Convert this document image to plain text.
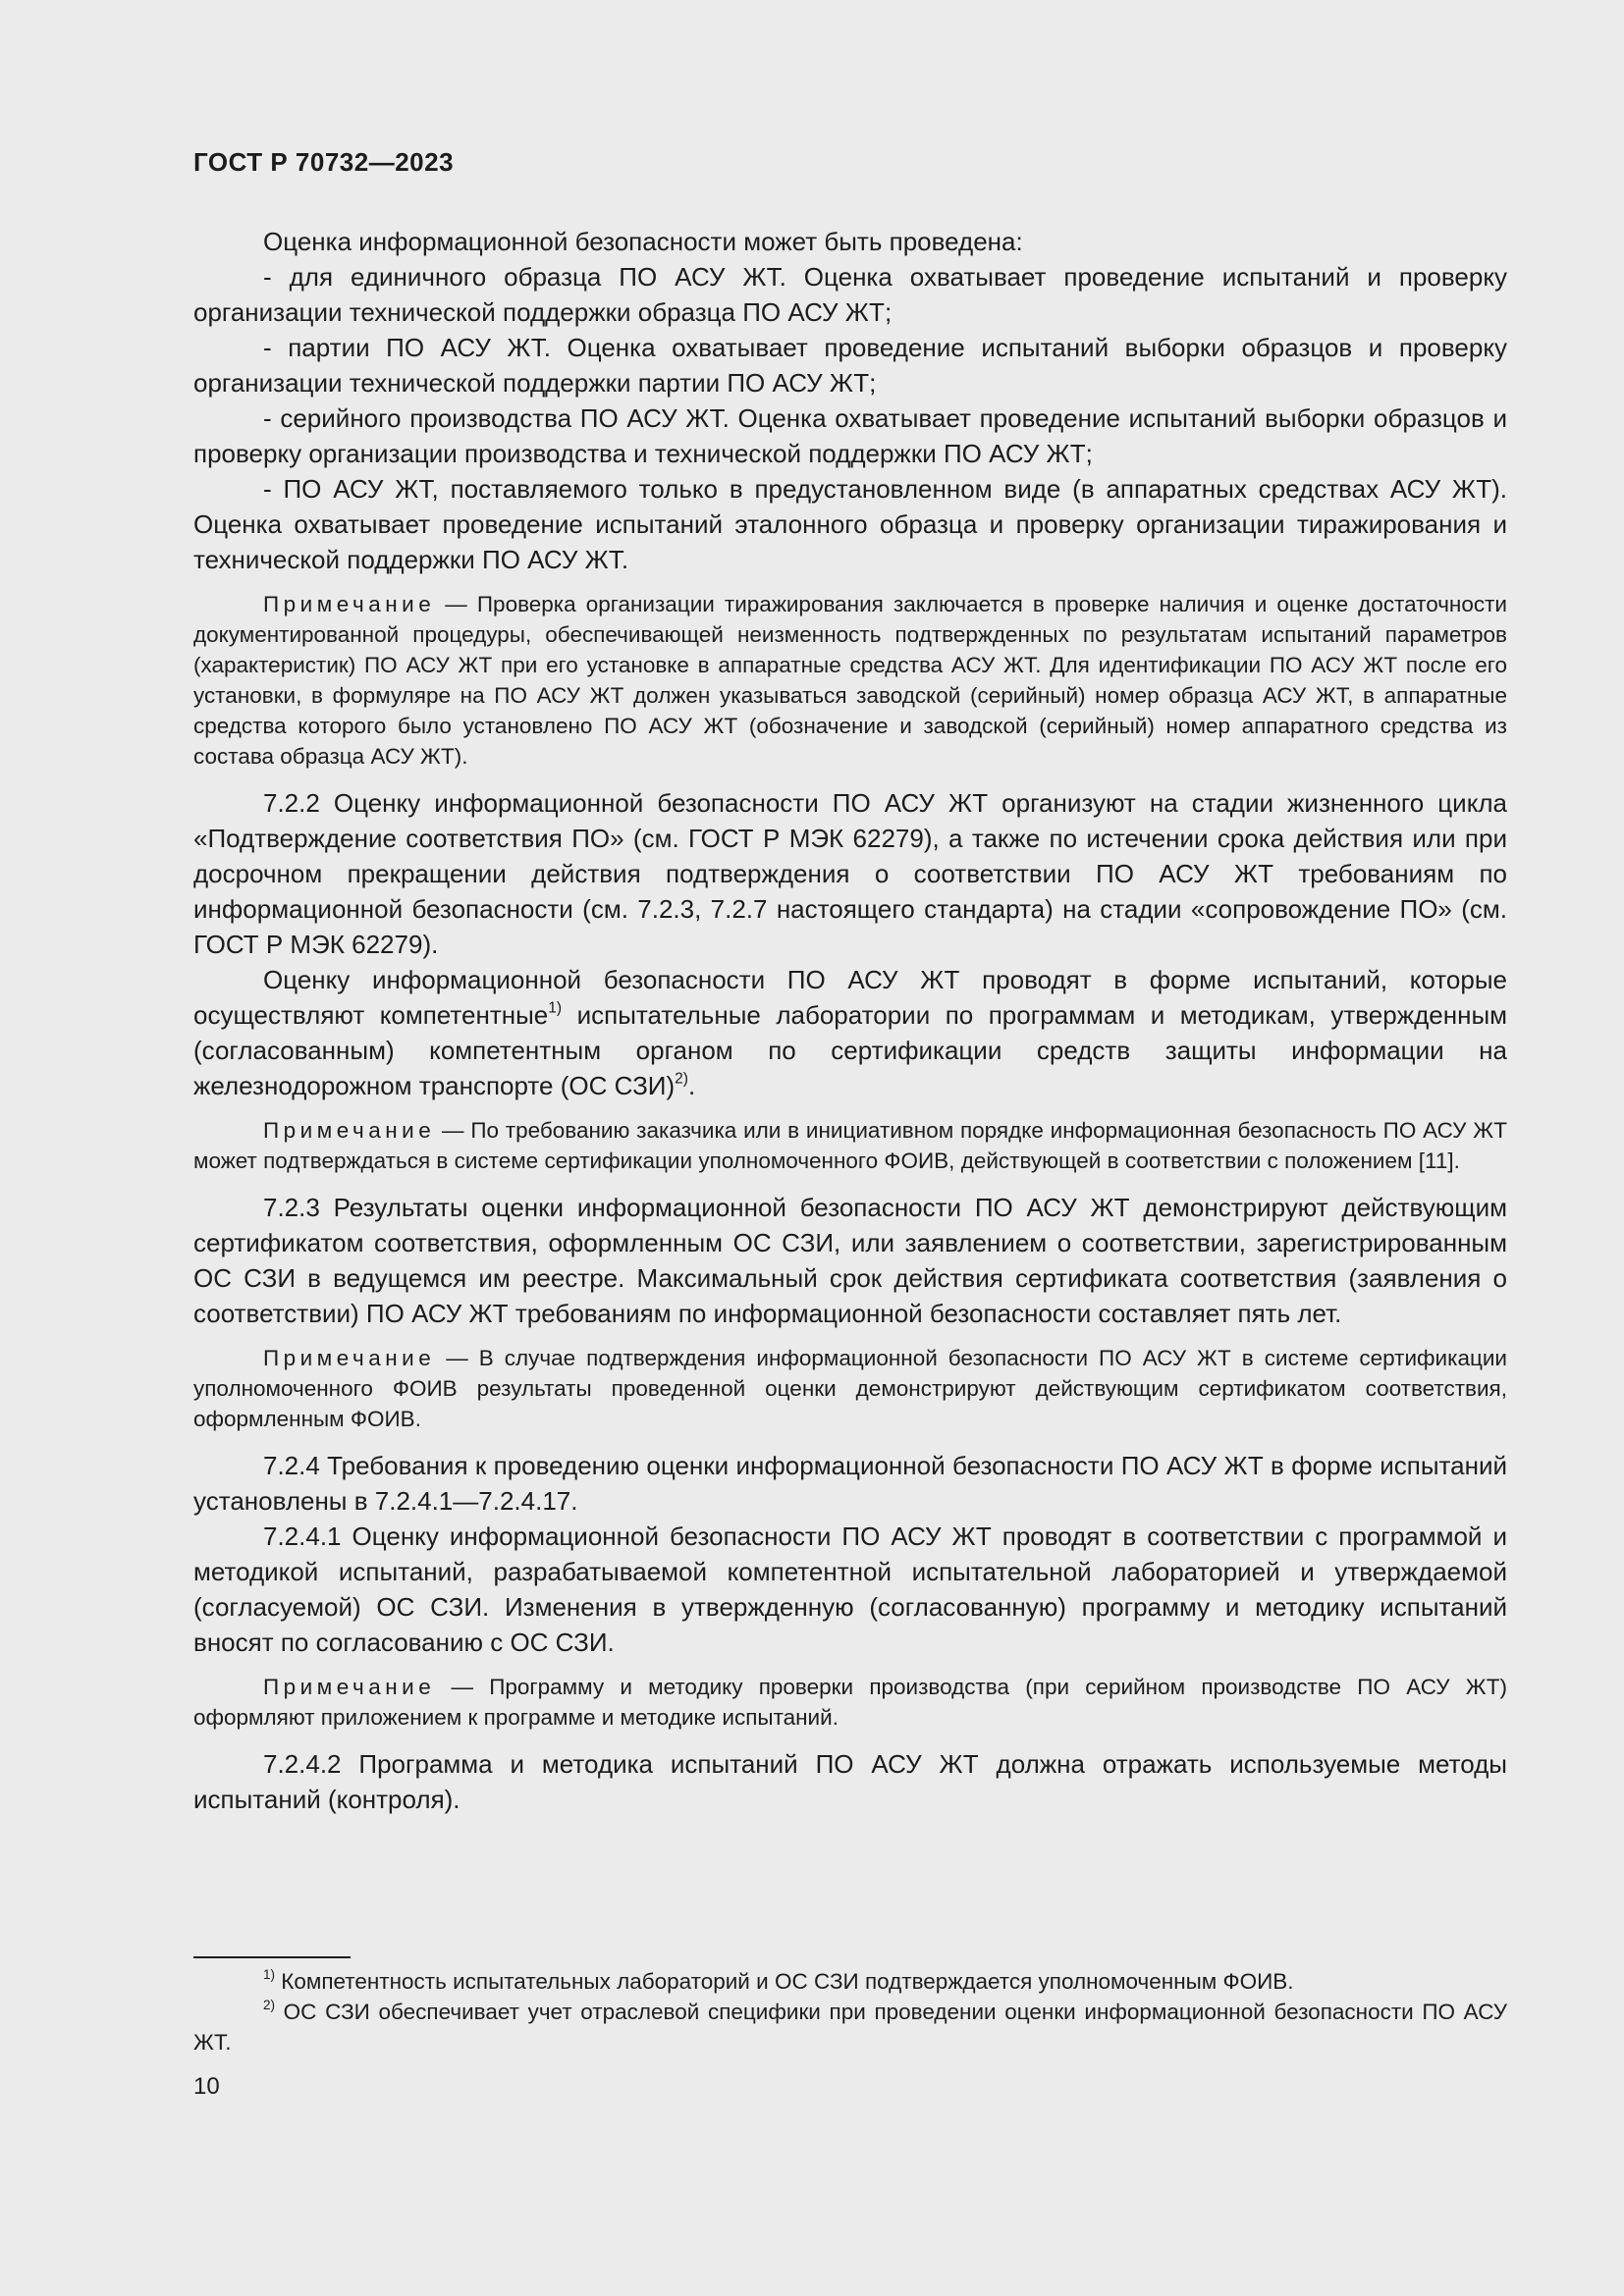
ГОСТ Р 70732—2023

Оценка информационной безопасности может быть проведена:

- для единичного образца ПО АСУ ЖТ. Оценка охватывает проведение испытаний и проверку организации технической поддержки образца ПО АСУ ЖТ;

- партии ПО АСУ ЖТ. Оценка охватывает проведение испытаний выборки образцов и проверку организации технической поддержки партии ПО АСУ ЖТ;

- серийного производства ПО АСУ ЖТ. Оценка охватывает проведение испытаний выборки образцов и проверку организации производства и технической поддержки ПО АСУ ЖТ;

- ПО АСУ ЖТ, поставляемого только в предустановленном виде (в аппаратных средствах АСУ ЖТ). Оценка охватывает проведение испытаний эталонного образца и проверку организации тиражирования и технической поддержки ПО АСУ ЖТ.

Примечание — Проверка организации тиражирования заключается в проверке наличия и оценке достаточности документированной процедуры, обеспечивающей неизменность подтвержденных по результатам испытаний параметров (характеристик) ПО АСУ ЖТ при его установке в аппаратные средства АСУ ЖТ. Для идентификации ПО АСУ ЖТ после его установки, в формуляре на ПО АСУ ЖТ должен указываться заводской (серийный) номер образца АСУ ЖТ, в аппаратные средства которого было установлено ПО АСУ ЖТ (обозначение и заводской (серийный) номер аппаратного средства из состава образца АСУ ЖТ).

7.2.2 Оценку информационной безопасности ПО АСУ ЖТ организуют на стадии жизненного цикла «Подтверждение соответствия ПО» (см. ГОСТ Р МЭК 62279), а также по истечении срока действия или при досрочном прекращении действия подтверждения о соответствии ПО АСУ ЖТ требованиям по информационной безопасности (см. 7.2.3, 7.2.7 настоящего стандарта) на стадии «сопровождение ПО» (см. ГОСТ Р МЭК 62279).

Оценку информационной безопасности ПО АСУ ЖТ проводят в форме испытаний, которые осуществляют компетентные$^{1)}$ испытательные лаборатории по программам и методикам, утвержденным (согласованным) компетентным органом по сертификации средств защиты информации на железнодорожном транспорте (ОС СЗИ)$^{2)}$.

Примечание — По требованию заказчика или в инициативном порядке информационная безопасность ПО АСУ ЖТ может подтверждаться в системе сертификации уполномоченного ФОИВ, действующей в соответствии с положением [11].

7.2.3 Результаты оценки информационной безопасности ПО АСУ ЖТ демонстрируют действующим сертификатом соответствия, оформленным ОС СЗИ, или заявлением о соответствии, зарегистрированным ОС СЗИ в ведущемся им реестре. Максимальный срок действия сертификата соответствия (заявления о соответствии) ПО АСУ ЖТ требованиям по информационной безопасности составляет пять лет.

Примечание — В случае подтверждения информационной безопасности ПО АСУ ЖТ в системе сертификации уполномоченного ФОИВ результаты проведенной оценки демонстрируют действующим сертификатом соответствия, оформленным ФОИВ.

7.2.4 Требования к проведению оценки информационной безопасности ПО АСУ ЖТ в форме испытаний установлены в 7.2.4.1—7.2.4.17.

7.2.4.1 Оценку информационной безопасности ПО АСУ ЖТ проводят в соответствии с программой и методикой испытаний, разрабатываемой компетентной испытательной лабораторией и утверждаемой (согласуемой) ОС СЗИ. Изменения в утвержденную (согласованную) программу и методику испытаний вносят по согласованию с ОС СЗИ.

Примечание — Программу и методику проверки производства (при серийном производстве ПО АСУ ЖТ) оформляют приложением к программе и методике испытаний.

7.2.4.2 Программа и методика испытаний ПО АСУ ЖТ должна отражать используемые методы испытаний (контроля).

$^{1)}$ Компетентность испытательных лабораторий и ОС СЗИ подтверждается уполномоченным ФОИВ.

$^{2)}$ ОС СЗИ обеспечивает учет отраслевой специфики при проведении оценки информационной безопасности ПО АСУ ЖТ.

10
